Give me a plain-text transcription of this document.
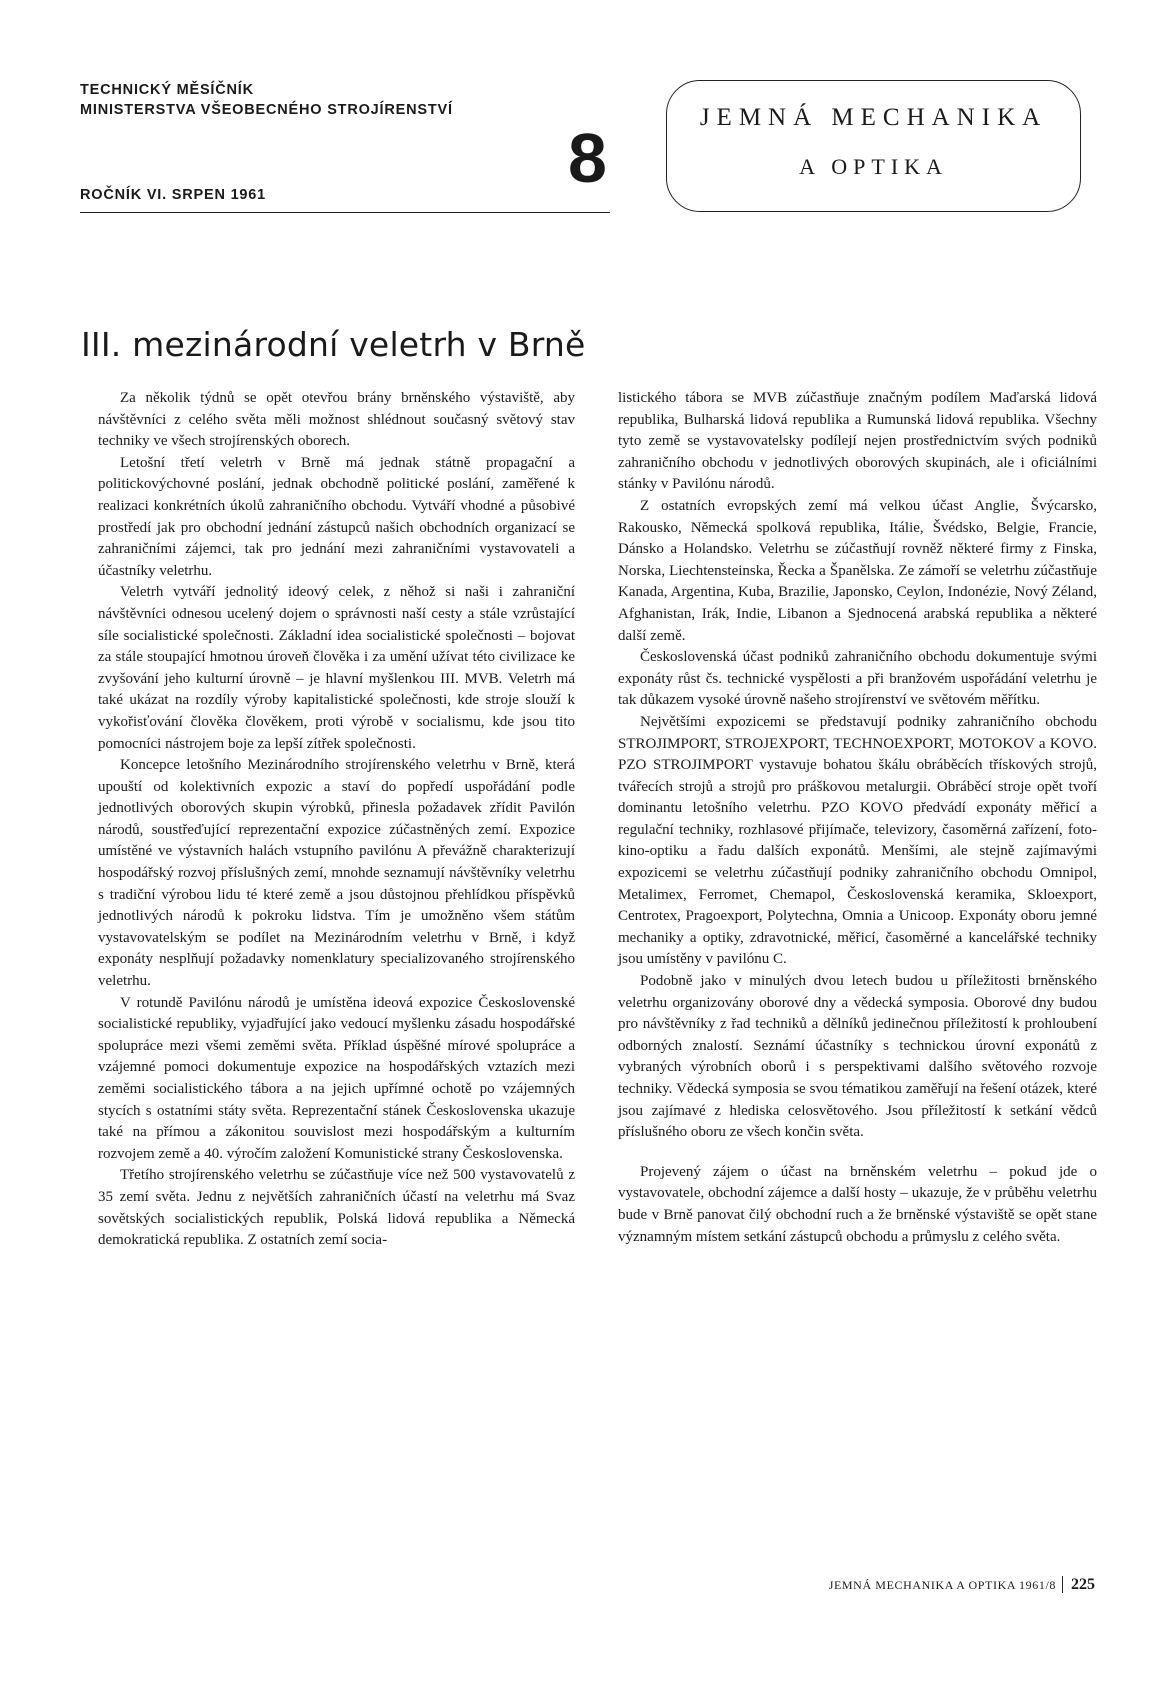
TECHNICKÝ MĚSÍČNÍK
MINISTERSTVA VŠEOBECNÉHO STROJÍRENSTVÍ
ROČNÍK VI. SRPEN 1961	8
JEMNÁ MECHANIKA
A OPTIKA
III. mezinárodní veletrh v Brně

Za několik týdnů se opět otevřou brány brněnského výstaviště, aby návštěvníci z celého světa měli možnost shlédnout současný světový stav techniky ve všech strojírenských oborech.

Letošní třetí veletrh v Brně má jednak státně propagační a politickovýchovné poslání, jednak obchodně politické poslání, zaměřené k realizaci konkrétních úkolů zahraničního obchodu. Vytváří vhodné a působivé prostředí jak pro obchodní jednání zástupců našich obchodních organizací se zahraničními zájemci, tak pro jednání mezi zahraničními vystavovateli a účastníky veletrhu.

Veletrh vytváří jednolitý ideový celek, z něhož si naši i zahraniční návštěvníci odnesou ucelený dojem o správnosti naší cesty a stále vzrůstající síle socialistické společnosti. Základní idea socialistické společnosti – bojovat za stále stoupající hmotnou úroveň člověka i za umění užívat této civilizace ke zvyšování jeho kulturní úrovně – je hlavní myšlenkou III. MVB. Veletrh má také ukázat na rozdíly výroby kapitalistické společnosti, kde stroje slouží k vykořisťování člověka člověkem, proti výrobě v socialismu, kde jsou tito pomocníci nástrojem boje za lepší zítřek společnosti.

Koncepce letošního Mezinárodního strojírenského veletrhu v Brně, která upouští od kolektivních expozic a staví do popředí uspořádání podle jednotlivých oborových skupin výrobků, přinesla požadavek zřídit Pavilón národů, soustřeďující reprezentační expozice zúčastněných zemí. Expozice umístěné ve výstavních halách vstupního pavilónu A převážně charakterizují hospodářský rozvoj příslušných zemí, mnohde seznamují návštěvníky veletrhu s tradiční výrobou lidu té které země a jsou důstojnou přehlídkou příspěvků jednotlivých národů k pokroku lidstva. Tím je umožněno všem státům vystavovatelským se podílet na Mezinárodním veletrhu v Brně, i když exponáty nesplňují požadavky nomenklatury specializovaného strojírenského veletrhu.

V rotundě Pavilónu národů je umístěna ideová expozice Československé socialistické republiky, vyjadřující jako vedoucí myšlenku zásadu hospodářské spolupráce mezi všemi zeměmi světa. Příklad úspěšné mírové spolupráce a vzájemné pomoci dokumentuje expozice na hospodářských vztazích mezi zeměmi socialistického tábora a na jejich upřímné ochotě po vzájemných stycích s ostatními státy světa. Reprezentační stánek Československa ukazuje také na přímou a zákonitou souvislost mezi hospodářským a kulturním rozvojem země a 40. výročím založení Komunistické strany Československa.

Třetího strojírenského veletrhu se zúčastňuje více než 500 vystavovatelů z 35 zemí světa. Jednu z největších zahraničních účastí na veletrhu má Svaz sovětských socialistických republik, Polská lidová republika a Německá demokratická republika. Z ostatních zemí socia-

listického tábora se MVB zúčastňuje značným podílem Maďarská lidová republika, Bulharská lidová republika a Rumunská lidová republika. Všechny tyto země se vystavovatelsky podílejí nejen prostřednictvím svých podniků zahraničního obchodu v jednotlivých oborových skupinách, ale i oficiálními stánky v Pavilónu národů.

Z ostatních evropských zemí má velkou účast Anglie, Švýcarsko, Rakousko, Německá spolková republika, Itálie, Švédsko, Belgie, Francie, Dánsko a Holandsko. Veletrhu se zúčastňují rovněž některé firmy z Finska, Norska, Liechtensteinska, Řecka a Španělska. Ze zámoří se veletrhu zúčastňuje Kanada, Argentina, Kuba, Brazilie, Japonsko, Ceylon, Indonézie, Nový Zéland, Afghanistan, Irák, Indie, Libanon a Sjednocená arabská republika a některé další země.

Československá účast podniků zahraničního obchodu dokumentuje svými exponáty růst čs. technické vyspělosti a při branžovém uspořádání veletrhu je tak důkazem vysoké úrovně našeho strojírenství ve světovém měřítku.

Největšími expozicemi se představují podniky zahraničního obchodu STROJIMPORT, STROJEXPORT, TECHNOEXPORT, MOTOKOV a KOVO. PZO STROJIMPORT vystavuje bohatou škálu obráběcích třískových strojů, tvářecích strojů a strojů pro práškovou metalurgii. Obráběcí stroje opět tvoří dominantu letošního veletrhu. PZO KOVO předvádí exponáty měřicí a regulační techniky, rozhlasové přijímače, televizory, časoměrná zařízení, foto-kino-optiku a řadu dalších exponátů. Menšími, ale stejně zajímavými expozicemi se veletrhu zúčastňují podniky zahraničního obchodu Omnipol, Metalimex, Ferromet, Chemapol, Československá keramika, Skloexport, Centrotex, Pragoexport, Polytechna, Omnia a Unicoop. Exponáty oboru jemné mechaniky a optiky, zdravotnické, měřicí, časoměrné a kancelářské techniky jsou umístěny v pavilónu C.

Podobně jako v minulých dvou letech budou u příležitosti brněnského veletrhu organizovány oborové dny a vědecká symposia. Oborové dny budou pro návštěvníky z řad techniků a dělníků jedinečnou příležitostí k prohloubení odborných znalostí. Seznámí účastníky s technickou úrovní exponátů z vybraných výrobních oborů i s perspektivami dalšího světového rozvoje techniky. Vědecká symposia se svou tématikou zaměřují na řešení otázek, které jsou zajímavé z hlediska celosvětového. Jsou příležitostí k setkání vědců příslušného oboru ze všech končin světa.

Projevený zájem o účast na brněnském veletrhu – pokud jde o vystavovatele, obchodní zájemce a další hosty – ukazuje, že v průběhu veletrhu bude v Brně panovat čilý obchodní ruch a že brněnské výstaviště se opět stane významným místem setkání zástupců obchodu a průmyslu z celého světa.

JEMNÁ MECHANIKA A OPTIKA 1961/8 225
